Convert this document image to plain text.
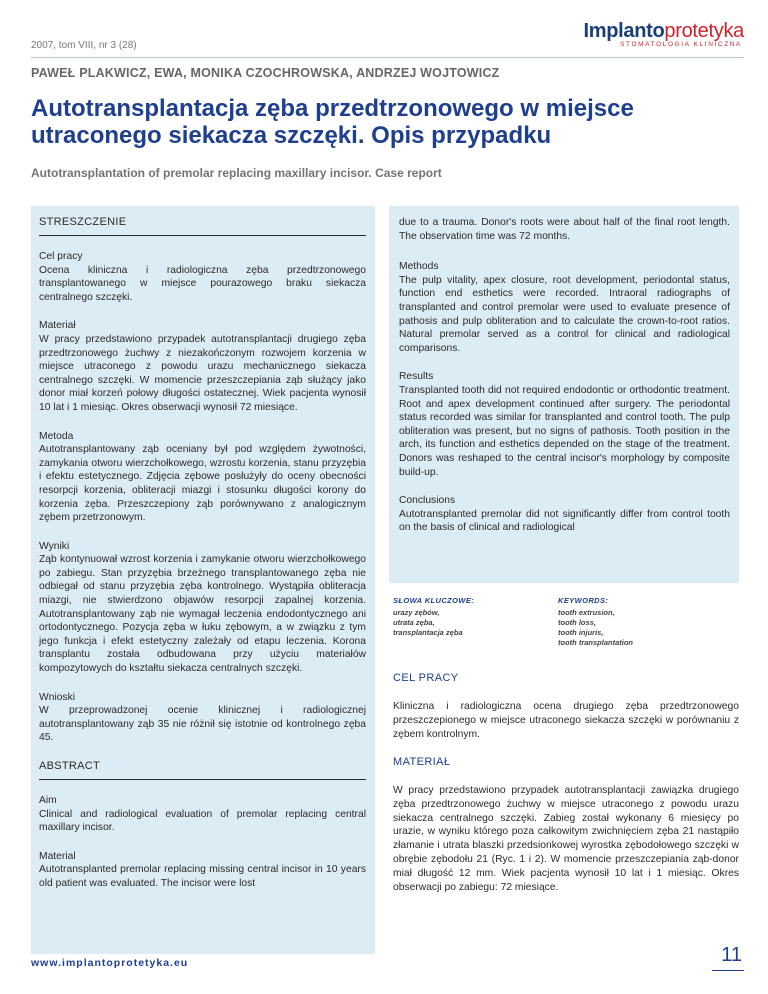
2007, tom VIII, nr 3 (28)
Implantoprotetyka
STOMATOLOGIA KLINICZNA
PAWEŁ PLAKWICZ, EWA, MONIKA CZOCHROWSKA, ANDRZEJ WOJTOWICZ
Autotransplantacja zęba przedtrzonowego w miejsce utraconego siekacza szczęki. Opis przypadku
Autotransplantation of premolar replacing maxillary incisor. Case report
STRESZCZENIE
Cel pracy
Ocena kliniczna i radiologiczna zęba przedtrzonowego transplantowanego w miejsce pourazowego braku siekacza centralnego szczęki.
Materiał
W pracy przedstawiono przypadek autotransplantacji drugiego zęba przedtrzonowego żuchwy z niezakończonym rozwojem korzenia w miejsce utraconego z powodu urazu mechanicznego siekacza centralnego szczęki. W momencie przeszczepiania ząb służący jako donor miał korzeń połowy długości ostatecznej. Wiek pacjenta wynosił 10 lat i 1 miesiąc. Okres obserwacji wynosił 72 miesiące.
Metoda
Autotransplantowany ząb oceniany był pod względem żywotności, zamykania otworu wierzchołkowego, wzrostu korzenia, stanu przyzębia i efektu estetycznego. Zdjęcia zębowe posłużyły do oceny obecności resorpcji korzenia, obliteracji miazgi i stosunku długości korony do korzenia zęba. Przeszczepiony ząb porównywano z analogicznym zębem przetrzonowym.
Wyniki
Ząb kontynuował wzrost korzenia i zamykanie otworu wierzchołkowego po zabiegu. Stan przyzębia brzeżnego transplantowanego zęba nie odbiegał od stanu przyzębia zęba kontrolnego. Wystąpiła obliteracja miazgi, nie stwierdzono objawów resorpcji zapalnej korzenia. Autotransplantowany ząb nie wymagał leczenia endodontycznego ani ortodontycznego. Pozycja zęba w łuku zębowym, a w związku z tym jego funkcja i efekt estetyczny zależały od etapu leczenia. Korona transplantu została odbudowana przy użyciu materiałów kompozytowych do kształtu siekacza centralnych szczęki.
Wnioski
W przeprowadzonej ocenie klinicznej i radiologicznej autotransplantowany ząb 35 nie różnił się istotnie od kontrolnego zęba 45.
ABSTRACT
Aim
Clinical and radiological evaluation of premolar replacing central maxillary incisor.
Material
Autotransplanted premolar replacing missing central incisor in 10 years old patient was evaluated. The incisor were lost
due to a trauma. Donor's roots were about half of the final root length. The observation time was 72 months.
Methods
The pulp vitality, apex closure, root development, periodontal status, function end esthetics were recorded. Intraoral radiographs of transplanted and control premolar were used to evaluate presence of pathosis and pulp obliteration and to calculate the crown-to-root ratios. Natural premolar served as a control for clinical and radiological comparisons.
Results
Transplanted tooth did not required endodontic or orthodontic treatment. Root and apex development continued after surgery. The periodontal status recorded was similar for transplanted and control tooth. The pulp obliteration was present, but no signs of pathosis. Tooth position in the arch, its function and esthetics depended on the stage of the treatment. Donors was reshaped to the central incisor's morphology by composite build-up.
Conclusions
Autotransplanted premolar did not significantly differ from control tooth on the basis of clinical and radiological
SŁOWA KLUCZOWE:
urazy zębów,
utrata zęba,
transplantacja zęba
KEYWORDS:
tooth extrusion,
tooth loss,
tooth injuris,
tooth transplantation
CEL PRACY
Kliniczna i radiologiczna ocena drugiego zęba przedtrzonowego przeszczepionego w miejsce utraconego siekacza szczęki w porównaniu z zębem kontrolnym.
MATERIAŁ
W pracy przedstawiono przypadek autotransplantacji zawiązka drugiego zęba przedtrzonowego żuchwy w miejsce utraconego z powodu urazu siekacza centralnego szczęki. Zabieg został wykonany 6 miesięcy po urazie, w wyniku którego poza całkowitym zwichnięciem zęba 21 nastąpiło złamanie i utrata blaszki przedsionkowej wyrostka zębodołowego szczęki w obrębie zębodołu 21 (Ryc. 1 i 2). W momencie przeszczepiania ząb-donor miał długość 12 mm. Wiek pacjenta wynosił 10 lat i 1 miesiąc. Okres obserwacji po zabiegu: 72 miesiące.
www.implantoprotetyka.eu	11
